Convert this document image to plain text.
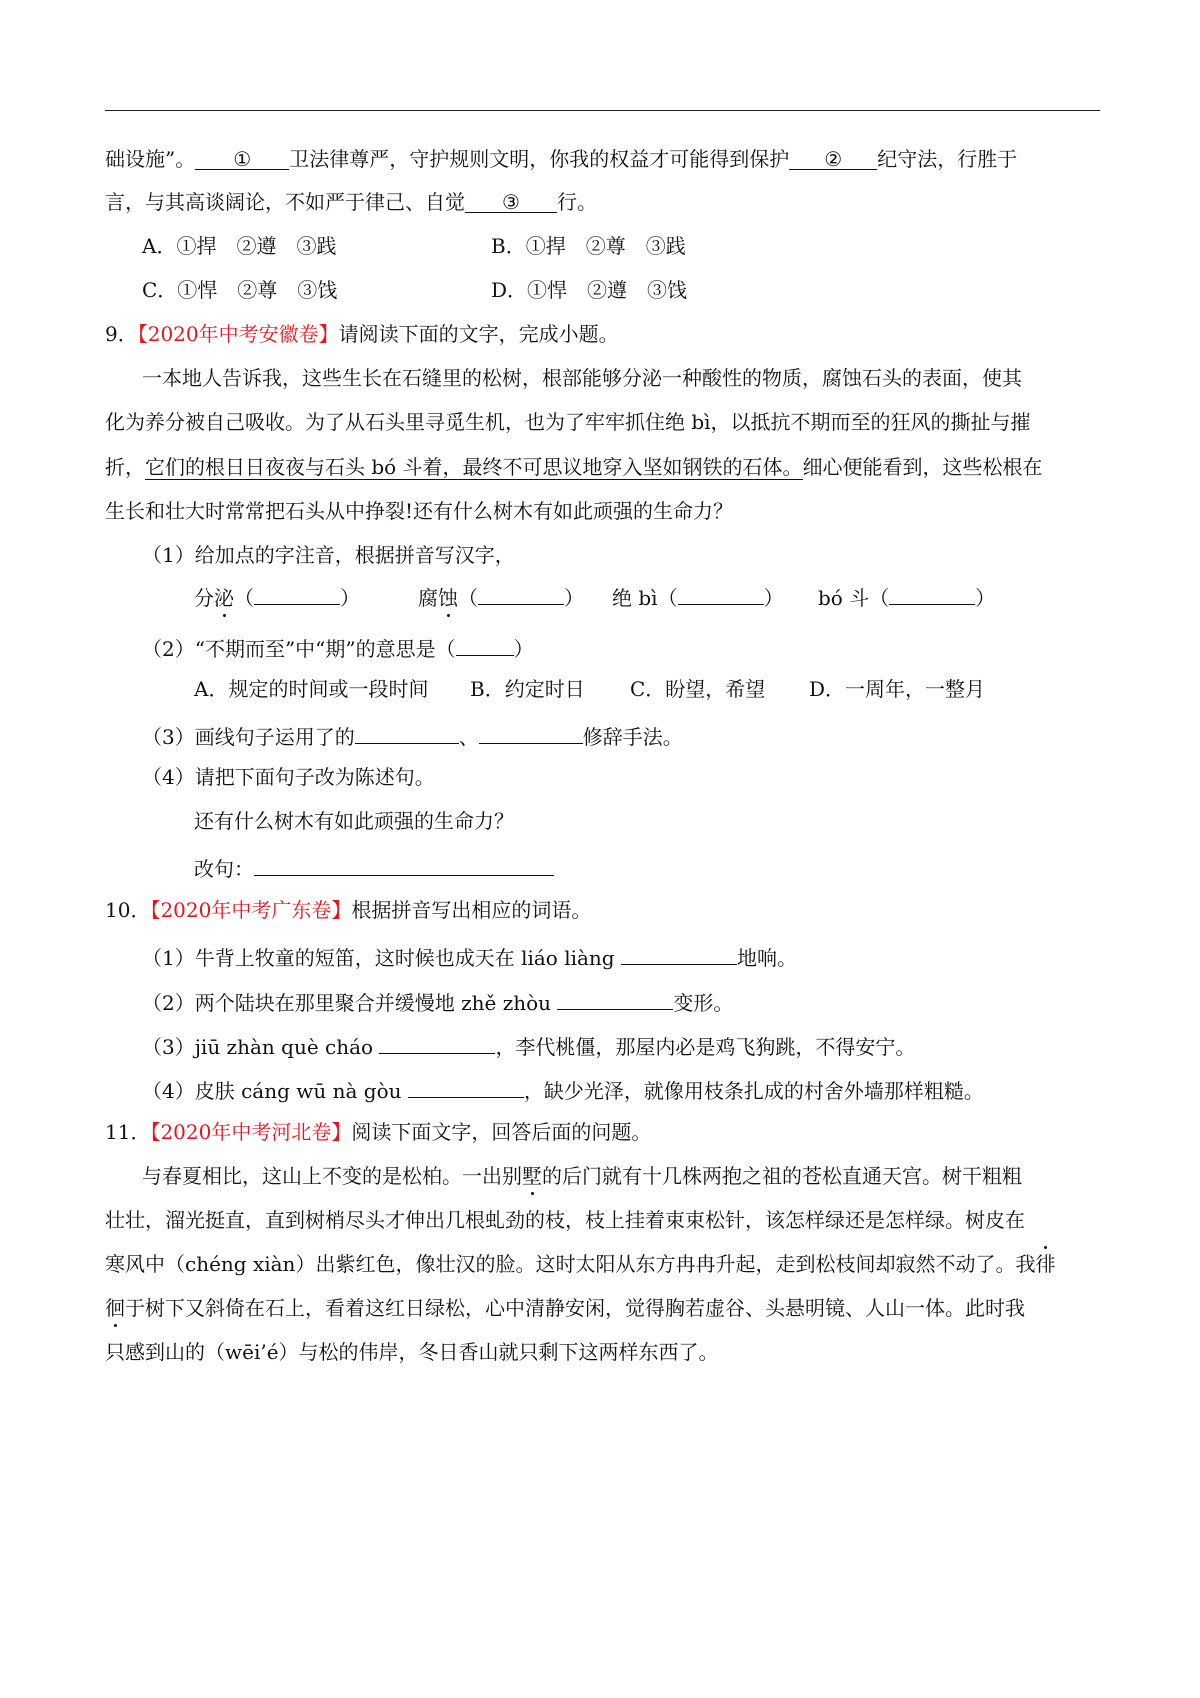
础设施”。 ① 卫法律尊严，守护规则文明，你我的权益才可能得到保护 ② 纪守法，行胜于
言，与其高谈阔论，不如严于律己、自觉 ③ 行。
A．①捍　②遵　③践	B．①捍　②尊　③践
C．①悍　②尊　③饯	D．①悍　②遵　③饯
9．【2020年中考安徽卷】请阅读下面的文字，完成小题。
一本地人告诉我，这些生长在石缝里的松树，根部能够分泌一种酸性的物质，腐蚀石头的表面，使其
化为养分被自己吸收。为了从石头里寻觅生机，也为了牢牢抓住绝 bì，以抵抗不期而至的狂风的撕扯与摧
折，它们的根日日夜夜与石头 bó 斗着，最终不可思议地穿入坚如钢铁的石体。细心便能看到，这些松根在
生长和壮大时常常把石头从中挣裂!还有什么树木有如此顽强的生命力？
（1）给加点的字注音，根据拼音写汉字，
分泌（	）	腐蚀（	） 绝 bì（	） bó 斗（	）
（2）“不期而至”中“期”的意思是（	）
A．规定的时间或一段时间 B．约定时日 C．盼望，希望 D．一周年，一整月
（3）画线句子运用了的	、	修辞手法。
（4）请把下面句子改为陈述句。
还有什么树木有如此顽强的生命力？
改句：
10．【2020年中考广东卷】根据拼音写出相应的词语。
（1）牛背上牧童的短笛，这时候也成天在 liáo liàng	地响。
（2）两个陆块在那里聚合并缓慢地 zhě zhòu	变形。
（3）jiū zhàn què cháo	，李代桃僵，那屋内必是鸡飞狗跳，不得安宁。
（4）皮肤 cáng wū nà gòu	，缺少光泽，就像用枝条扎成的村舍外墙那样粗糙。
11．【2020年中考河北卷】阅读下面文字，回答后面的问题。
与春夏相比，这山上不变的是松柏。一出别墅的后门就有十几株两抱之祖的苍松直通天宫。树干粗粗
壮壮，溜光挺直，直到树梢尽头才伸出几根虬劲的枝，枝上挂着束束松针，该怎样绿还是怎样绿。树皮在
寒风中（chéng xiàn）出紫红色，像壮汉的脸。这时太阳从东方冉冉升起，走到松枝间却寂然不动了。我徘
徊于树下又斜倚在石上，看着这红日绿松，心中清静安闲，觉得胸若虚谷、头悬明镜、人山一体。此时我
只感到山的（wēi’é）与松的伟岸，冬日香山就只剩下这两样东西了。
